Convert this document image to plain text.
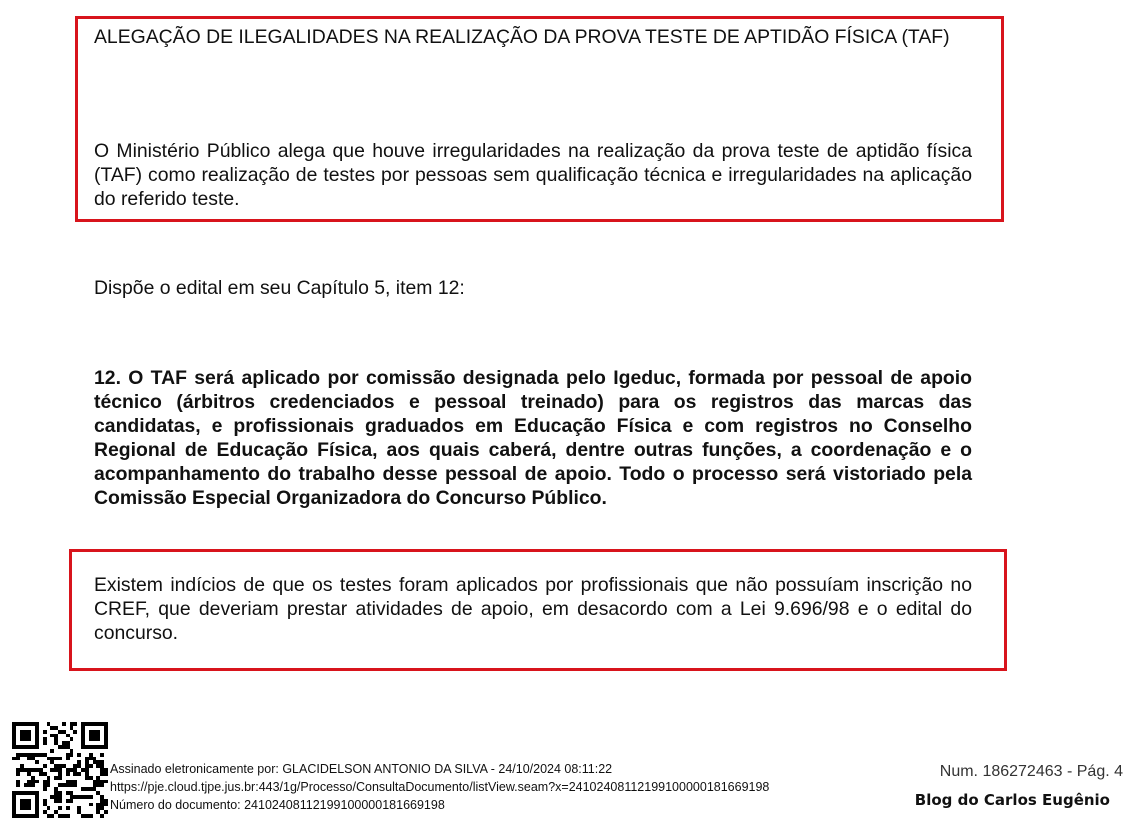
ALEGAÇÃO DE ILEGALIDADES NA REALIZAÇÃO DA PROVA TESTE DE APTIDÃO FÍSICA (TAF)
O Ministério Público alega que houve irregularidades na realização da prova teste de aptidão física (TAF) como realização de testes por pessoas sem qualificação técnica e irregularidades na aplicação do referido teste.
Dispõe o edital em seu Capítulo 5, item 12:
12. O TAF será aplicado por comissão designada pelo Igeduc, formada por pessoal de apoio técnico (árbitros credenciados e pessoal treinado) para os registros das marcas das candidatas, e profissionais graduados em Educação Física e com registros no Conselho Regional de Educação Física, aos quais caberá, dentre outras funções, a coordenação e o acompanhamento do trabalho desse pessoal de apoio. Todo o processo será vistoriado pela Comissão Especial Organizadora do Concurso Público.
Existem indícios de que os testes foram aplicados por profissionais que não possuíam inscrição no CREF, que deveriam prestar atividades de apoio, em desacordo com a Lei 9.696/98 e o edital do concurso.
Assinado eletronicamente por: GLACIDELSON ANTONIO DA SILVA - 24/10/2024 08:11:22
https://pje.cloud.tjpe.jus.br:443/1g/Processo/ConsultaDocumento/listView.seam?x=24102408112199100000181669198
Número do documento: 24102408112199100000181669198
Num. 186272463 - Pág. 4
Blog do Carlos Eugênio
